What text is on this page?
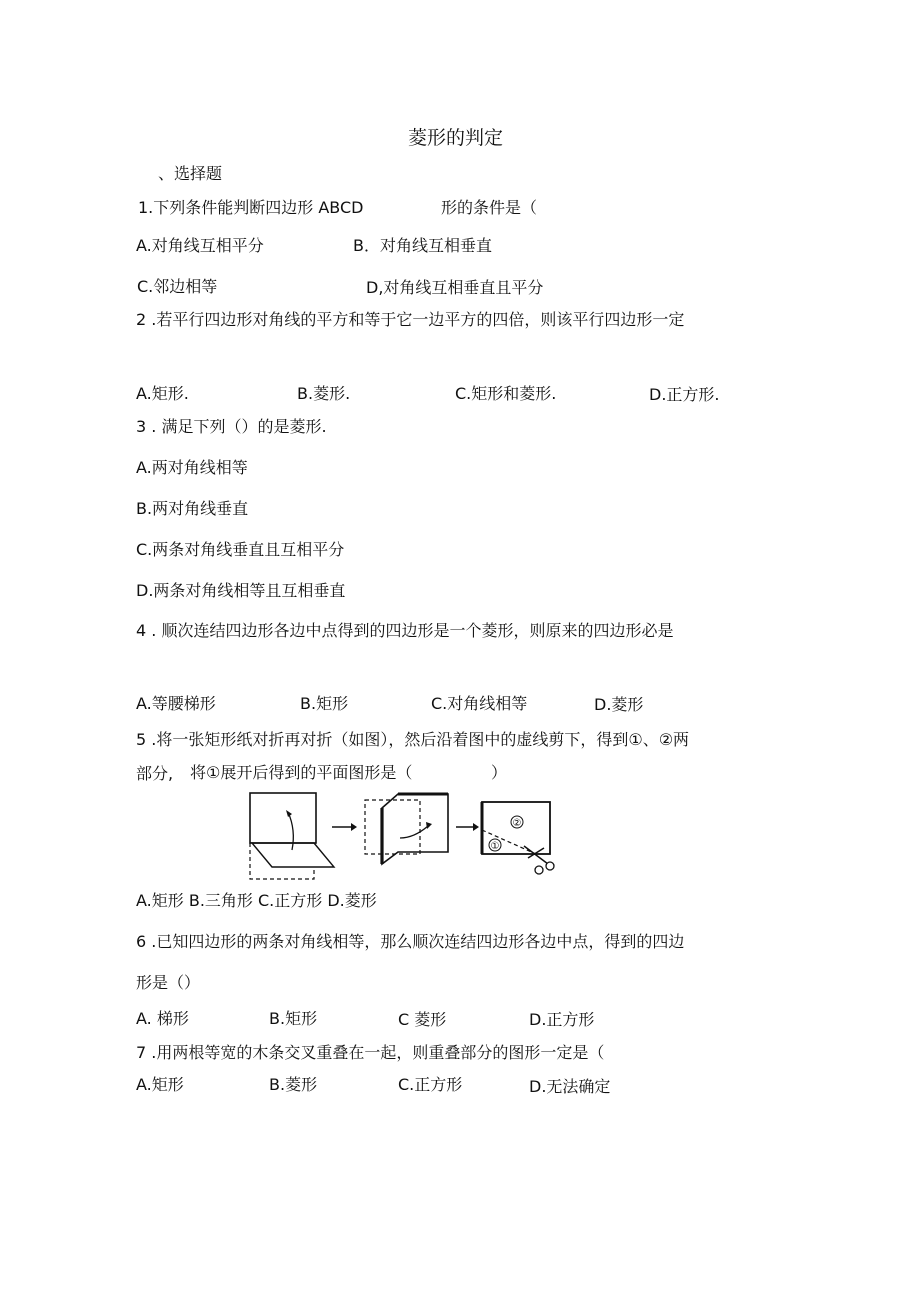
菱形的判定
、选择题
1.下列条件能判断四边形 ABCD	形的条件是（
A.对角线互相平分	B．对角线互相垂直
C.邻边相等	D,对角线互相垂直且平分
2 .若平行四边形对角线的平方和等于它一边平方的四倍，则该平行四边形一定
A.矩形.	B.菱形.	C.矩形和菱形.	D.正方形.
3 . 满足下列（）的是菱形.
A.两对角线相等
B.两对角线垂直
C.两条对角线垂直且互相平分
D.两条对角线相等且互相垂直
4 . 顺次连结四边形各边中点得到的四边形是一个菱形，则原来的四边形必是
A.等腰梯形	B.矩形	C.对角线相等	D.菱形
5 .将一张矩形纸对折再对折（如图），然后沿着图中的虚线剪下，得到①、②两
部分, 将①展开后得到的平面图形是（	）
②
①
A.矩形 B.三角形 C.正方形 D.菱形
6 .已知四边形的两条对角线相等，那么顺次连结四边形各边中点，得到的四边
形是（）
A. 梯形	B.矩形	C 菱形	D.正方形
7 .用两根等宽的木条交叉重叠在一起，则重叠部分的图形一定是（
A.矩形	B.菱形	C.正方形	D.无法确定
